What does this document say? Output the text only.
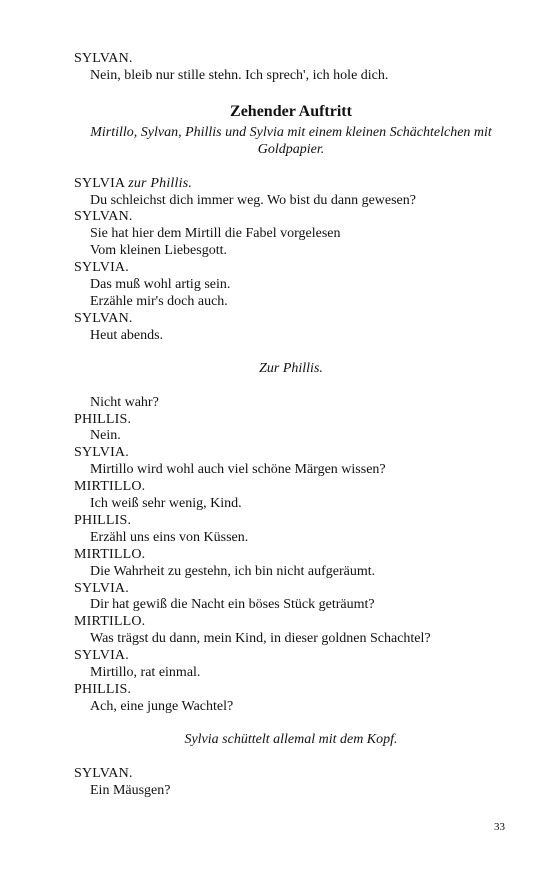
SYLVAN.
Nein, bleib nur stille stehn. Ich sprech', ich hole dich.
Zehender Auftritt
Mirtillo, Sylvan, Phillis und Sylvia mit einem kleinen Schächtelchen mit Goldpapier.
SYLVIA zur Phillis.
Du schleichst dich immer weg. Wo bist du dann gewesen?
SYLVAN.
Sie hat hier dem Mirtill die Fabel vorgelesen
Vom kleinen Liebesgott.
SYLVIA.
Das muß wohl artig sein.
Erzähle mir's doch auch.
SYLVAN.
Heut abends.
Zur Phillis.
Nicht wahr?
PHILLIS.
Nein.
SYLVIA.
Mirtillo wird wohl auch viel schöne Märgen wissen?
MIRTILLO.
Ich weiß sehr wenig, Kind.
PHILLIS.
Erzähl uns eins von Küssen.
MIRTILLO.
Die Wahrheit zu gestehn, ich bin nicht aufgeräumt.
SYLVIA.
Dir hat gewiß die Nacht ein böses Stück geträumt?
MIRTILLO.
Was trägst du dann, mein Kind, in dieser goldnen Schachtel?
SYLVIA.
Mirtillo, rat einmal.
PHILLIS.
Ach, eine junge Wachtel?
Sylvia schüttelt allemal mit dem Kopf.
SYLVAN.
Ein Mäusgen?
33
